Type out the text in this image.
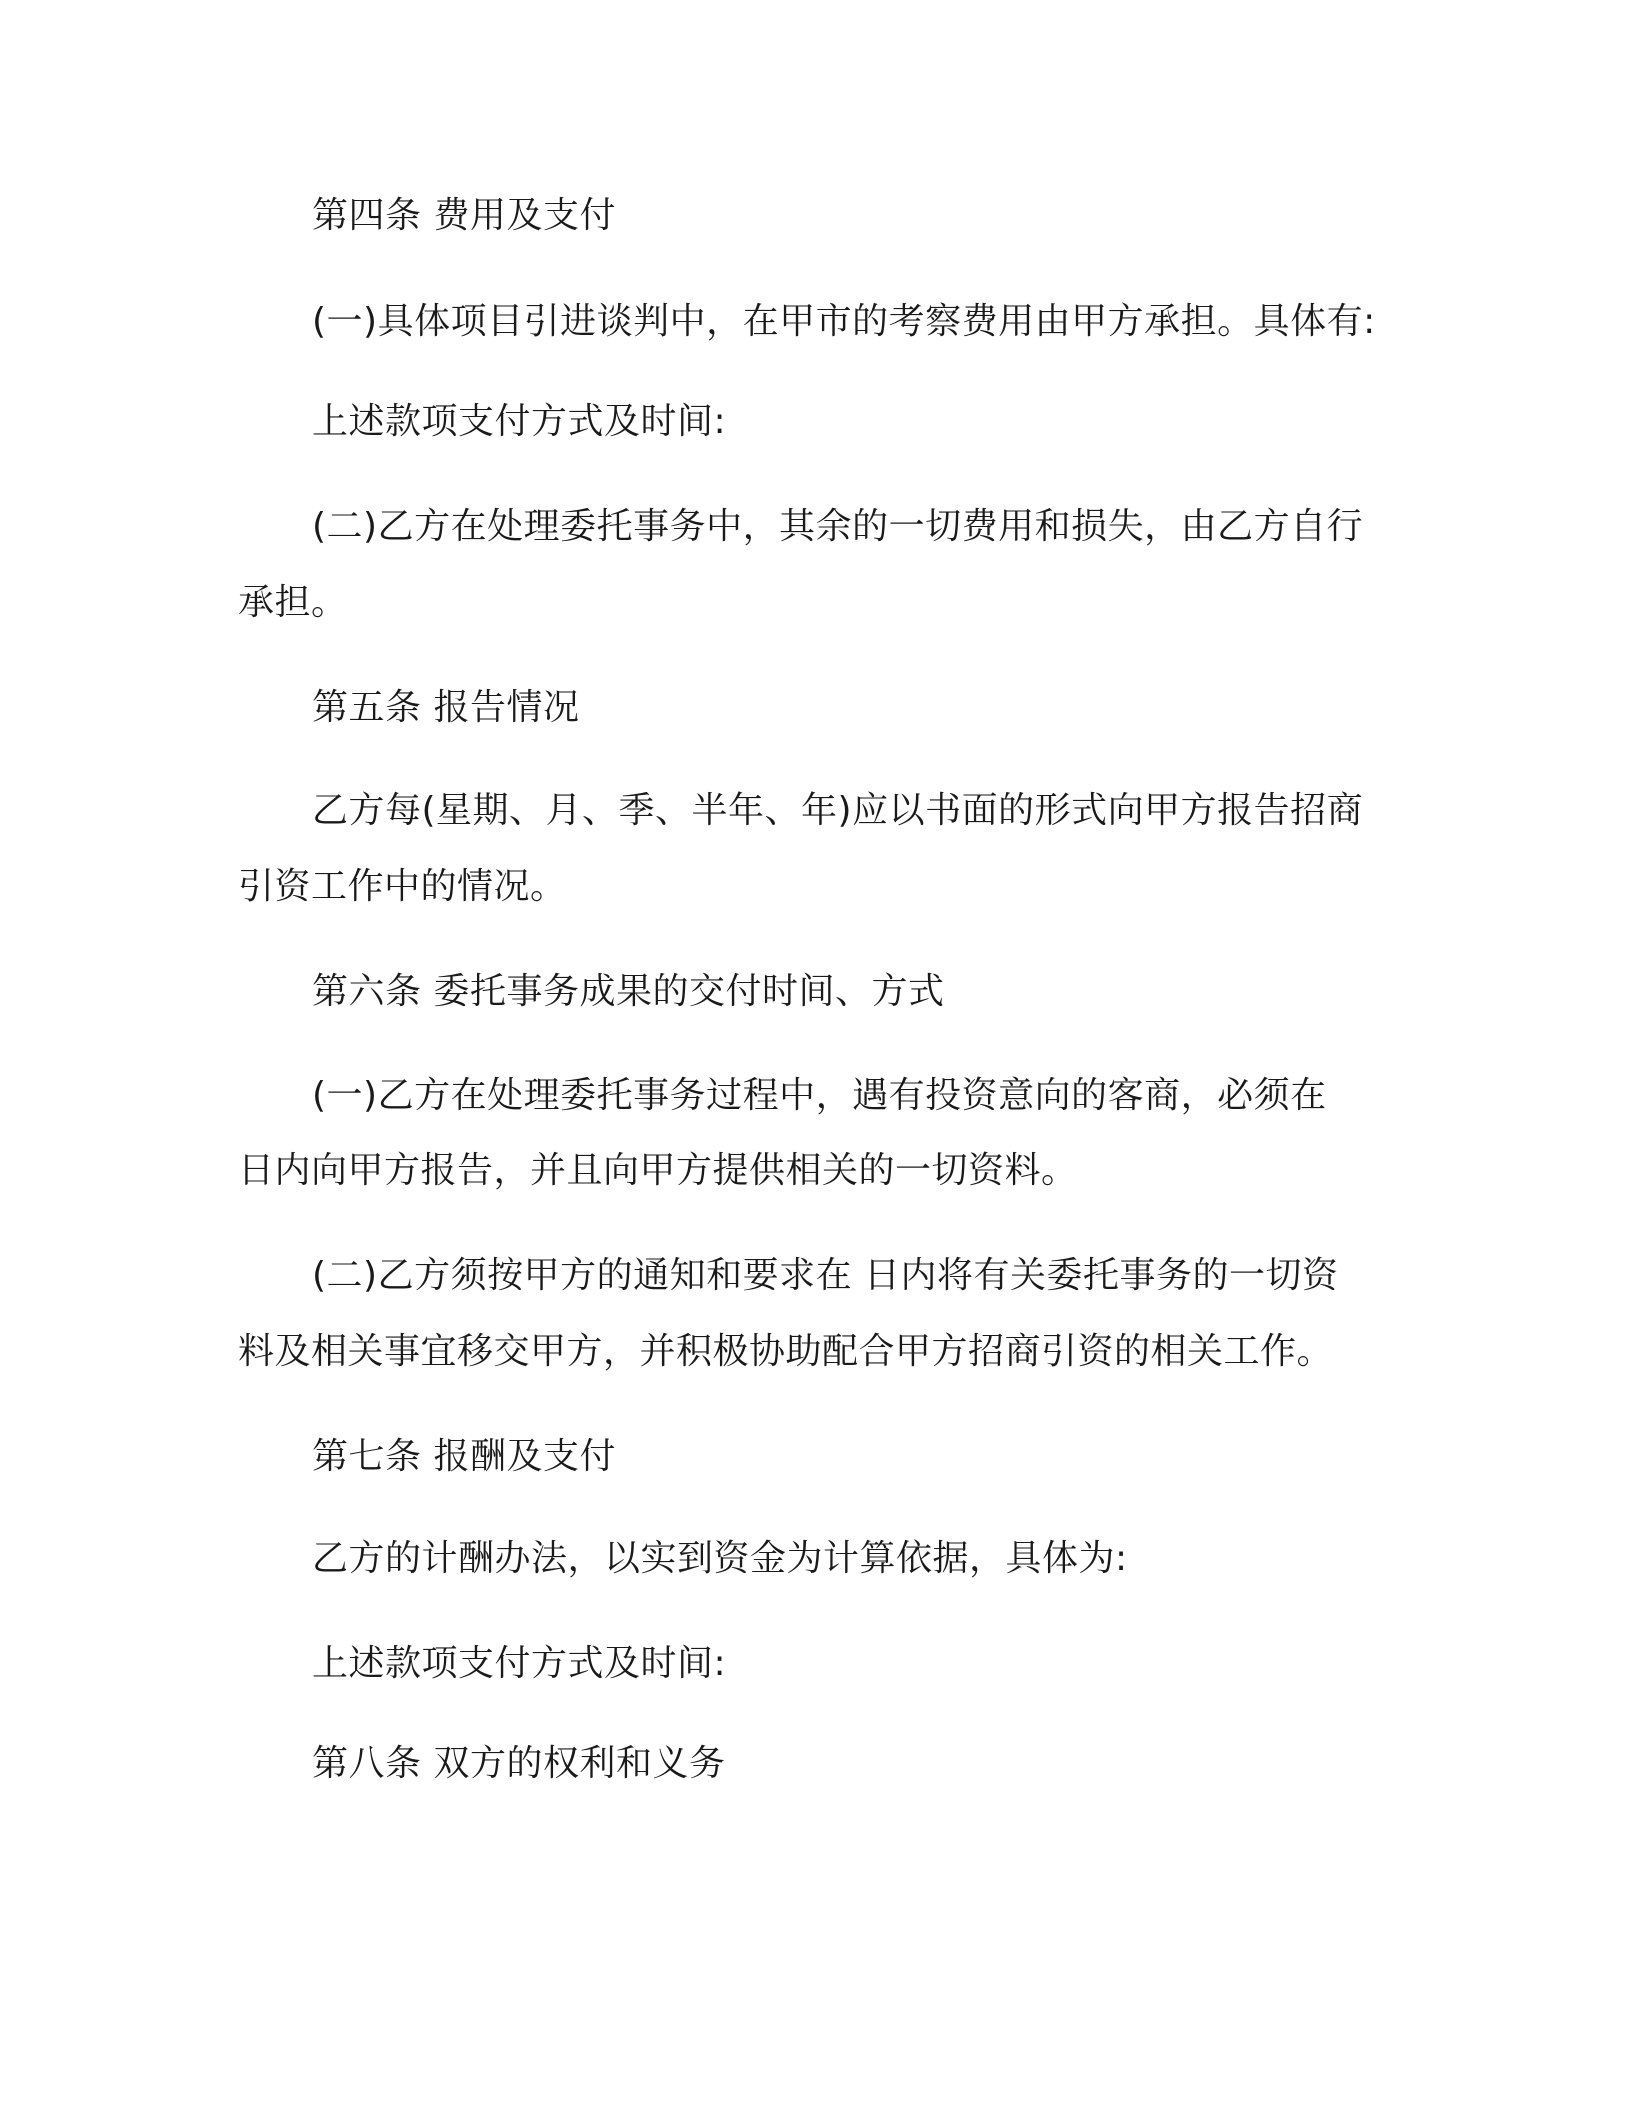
第四条 费用及支付
(一)具体项目引进谈判中，在甲市的考察费用由甲方承担。具体有:
上述款项支付方式及时间:
(二)乙方在处理委托事务中，其余的一切费用和损失，由乙方自行
承担。
第五条 报告情况
乙方每(星期、月、季、半年、年)应以书面的形式向甲方报告招商
引资工作中的情况。
第六条 委托事务成果的交付时间、方式
(一)乙方在处理委托事务过程中，遇有投资意向的客商，必须在
日内向甲方报告，并且向甲方提供相关的一切资料。
(二)乙方须按甲方的通知和要求在 日内将有关委托事务的一切资
料及相关事宜移交甲方，并积极协助配合甲方招商引资的相关工作。
第七条 报酬及支付
乙方的计酬办法，以实到资金为计算依据，具体为:
上述款项支付方式及时间:
第八条 双方的权利和义务
